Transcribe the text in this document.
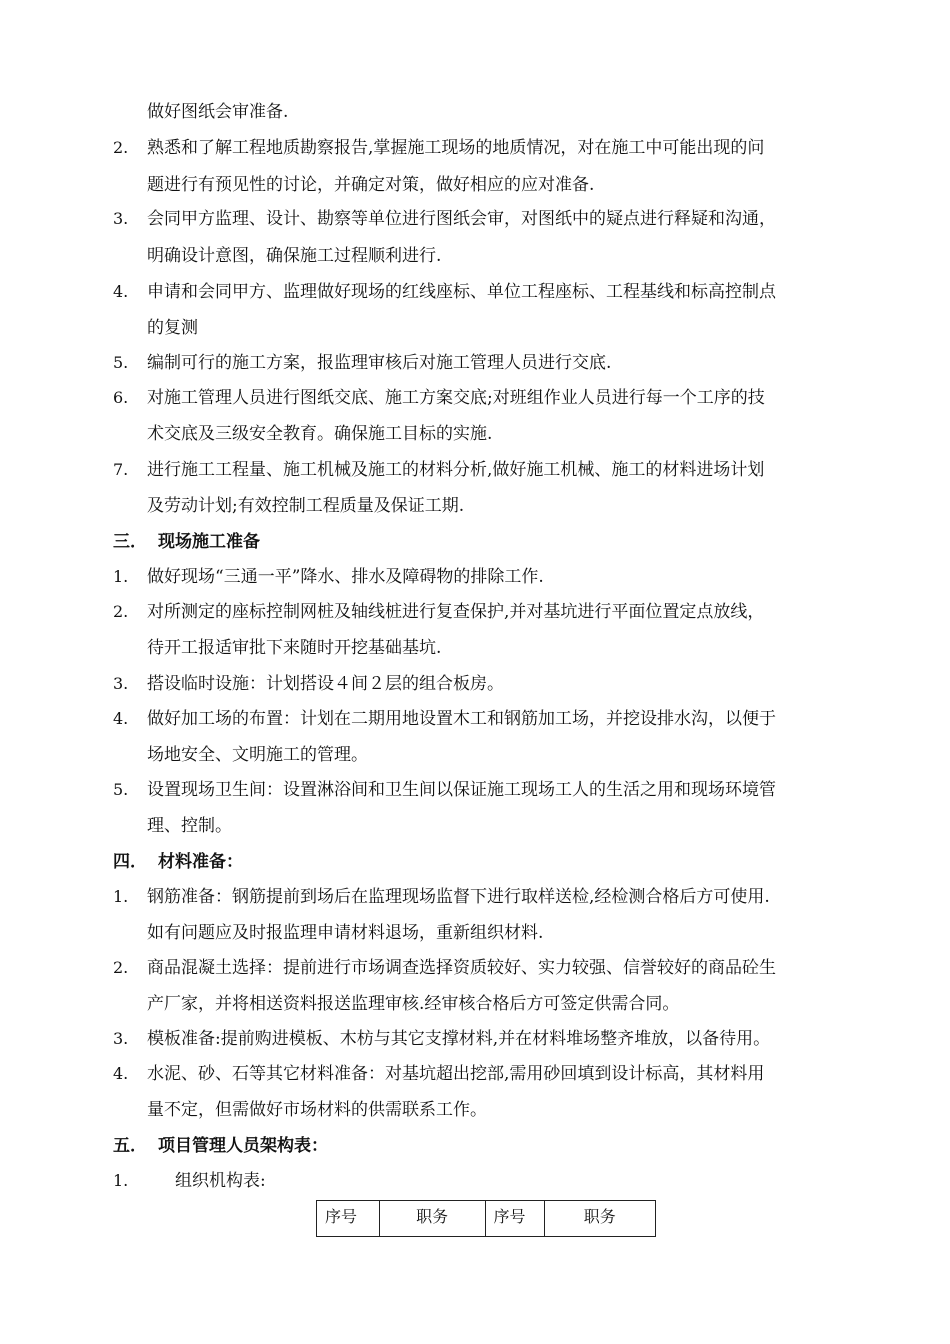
做好图纸会审准备.
2. 熟悉和了解工程地质勘察报告,掌握施工现场的地质情况，对在施工中可能出现的问
题进行有预见性的讨论，并确定对策，做好相应的应对准备.
3. 会同甲方监理、设计、勘察等单位进行图纸会审，对图纸中的疑点进行释疑和沟通，
明确设计意图，确保施工过程顺利进行.
4. 申请和会同甲方、监理做好现场的红线座标、单位工程座标、工程基线和标高控制点
的复测
5. 编制可行的施工方案，报监理审核后对施工管理人员进行交底.
6. 对施工管理人员进行图纸交底、施工方案交底;对班组作业人员进行每一个工序的技
术交底及三级安全教育。确保施工目标的实施.
7. 进行施工工程量、施工机械及施工的材料分析,做好施工机械、施工的材料进场计划
及劳动计划;有效控制工程质量及保证工期.
三． 现场施工准备
1. 做好现场“三通一平”降水、排水及障碍物的排除工作.
2. 对所测定的座标控制网桩及轴线桩进行复查保护,并对基坑进行平面位置定点放线，
待开工报适审批下来随时开挖基础基坑.
3. 搭设临时设施：计划搭设４间２层的组合板房。
4. 做好加工场的布置：计划在二期用地设置木工和钢筋加工场，并挖设排水沟，以便于
场地安全、文明施工的管理。
5. 设置现场卫生间：设置淋浴间和卫生间以保证施工现场工人的生活之用和现场环境管
理、控制。
四． 材料准备：
1. 钢筋准备：钢筋提前到场后在监理现场监督下进行取样送检,经检测合格后方可使用.
如有问题应及时报监理申请材料退场，重新组织材料.
2. 商品混凝土选择：提前进行市场调查选择资质较好、实力较强、信誉较好的商品砼生
产厂家，并将相送资料报送监理审核.经审核合格后方可签定供需合同。
3. 模板准备:提前购进模板、木枋与其它支撑材料,并在材料堆场整齐堆放，以备待用。
4. 水泥、砂、石等其它材料准备：对基坑超出挖部,需用砂回填到设计标高，其材料用
量不定，但需做好市场材料的供需联系工作。
五． 项目管理人员架构表：
1.	组织机构表:
序号	职务	序号	职务
